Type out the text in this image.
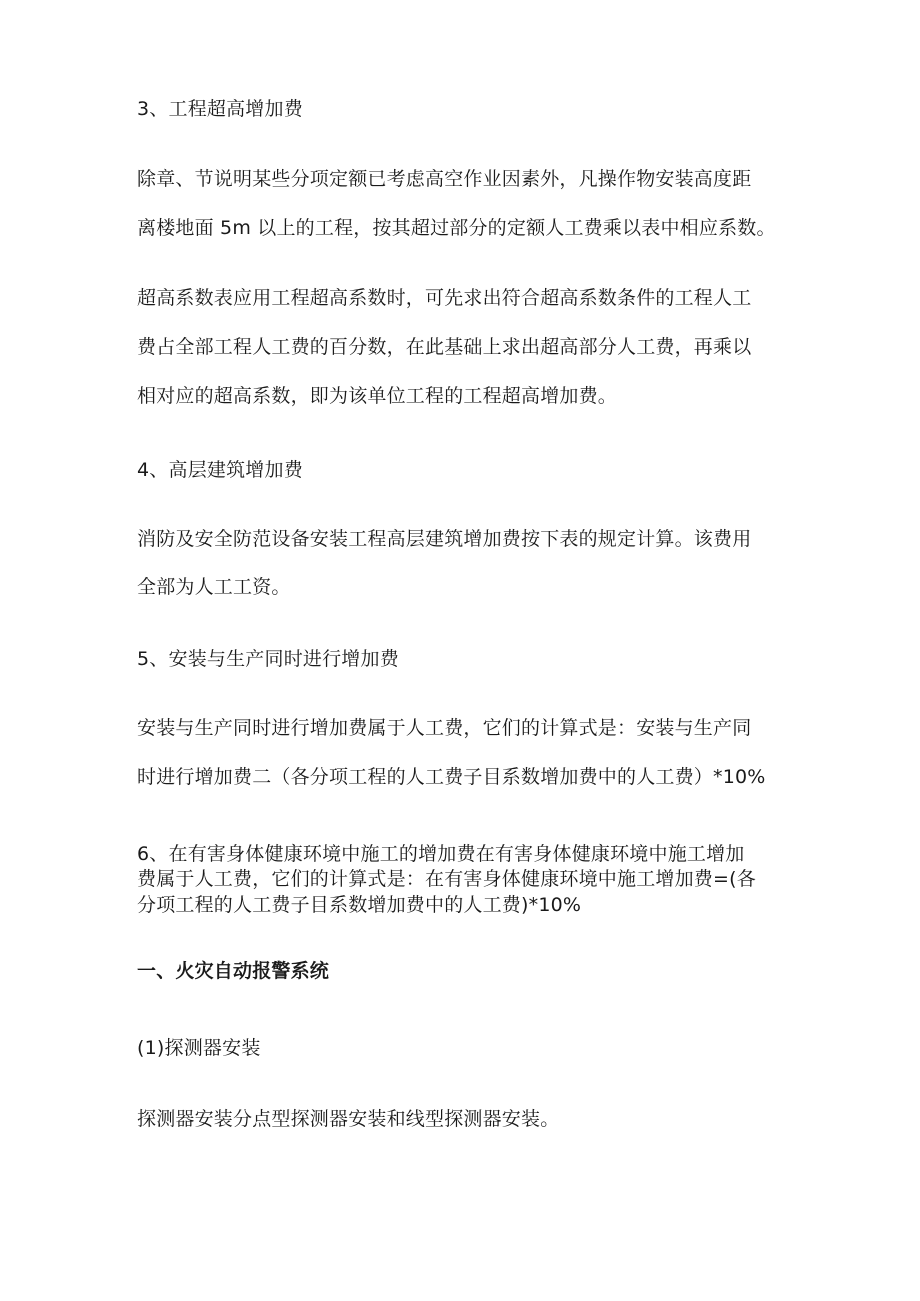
3、工程超高增加费
除章、节说明某些分项定额已考虑高空作业因素外，凡操作物安装高度距
离楼地面 5m 以上的工程，按其超过部分的定额人工费乘以表中相应系数。
超高系数表应用工程超高系数时，可先求出符合超高系数条件的工程人工
费占全部工程人工费的百分数，在此基础上求出超高部分人工费，再乘以
相对应的超高系数，即为该单位工程的工程超高增加费。
4、高层建筑增加费
消防及安全防范设备安装工程高层建筑增加费按下表的规定计算。该费用
全部为人工工资。
5、安装与生产同时进行增加费
安装与生产同时进行增加费属于人工费，它们的计算式是：安装与生产同
时进行增加费二（各分项工程的人工费子目系数增加费中的人工费）*10%
6、在有害身体健康环境中施工的增加费在有害身体健康环境中施工增加
费属于人工费，它们的计算式是：在有害身体健康环境中施工增加费=(各
分项工程的人工费子目系数增加费中的人工费)*10%
一、火灾自动报警系统
(1)探测器安装
探测器安装分点型探测器安装和线型探测器安装。
